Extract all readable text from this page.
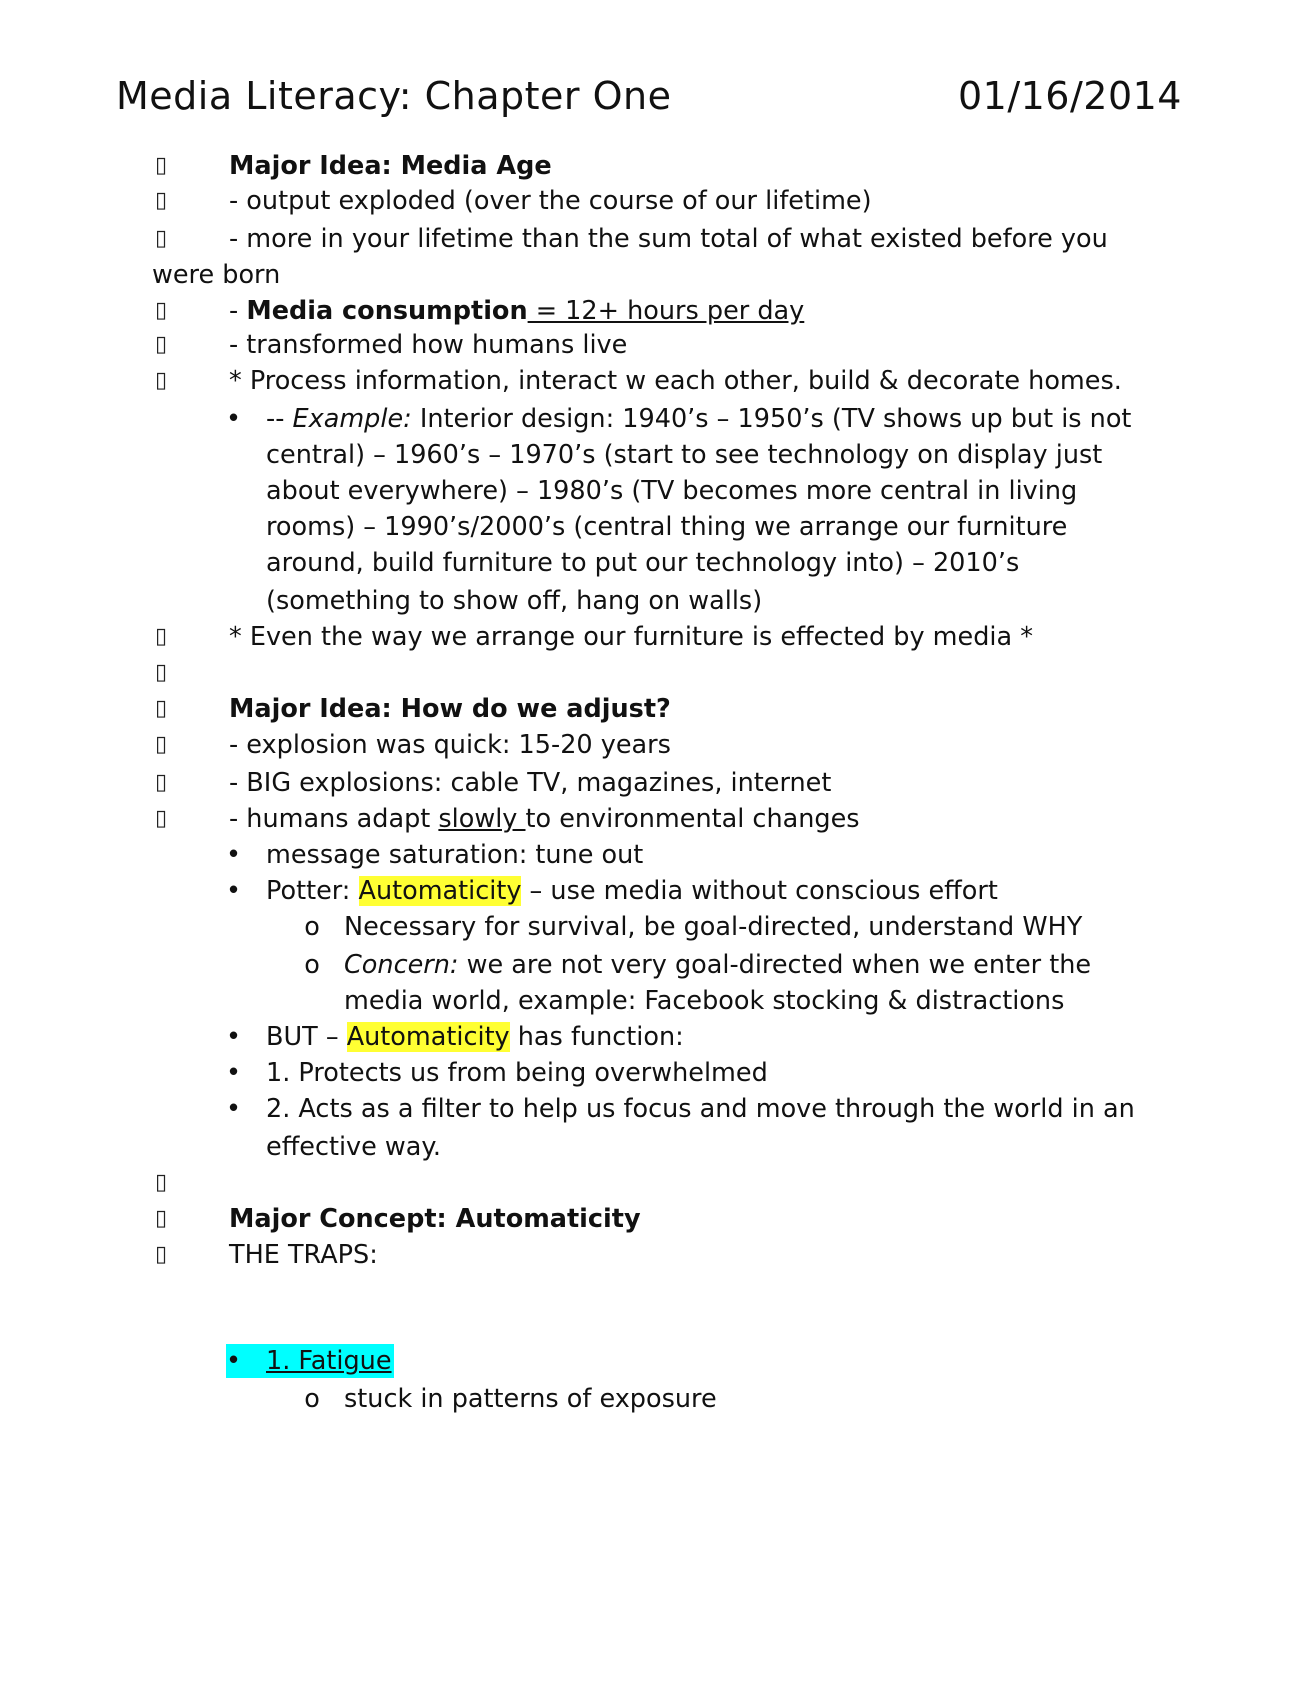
Media Literacy: Chapter One	01/16/2014
▯ Major Idea: Media Age
▯ - output exploded (over the course of our lifetime)
▯ - more in your lifetime than the sum total of what existed before you
were born
▯ - Media consumption = 12+ hours per day
▯ - transformed how humans live
▯ * Process information, interact w each other, build & decorate homes.
• -- Example: Interior design: 1940’s – 1950’s (TV shows up but is not
central) – 1960’s – 1970’s (start to see technology on display just
about everywhere) – 1980’s (TV becomes more central in living
rooms) – 1990’s/2000’s (central thing we arrange our furniture
around, build furniture to put our technology into) – 2010’s
(something to show off, hang on walls)
▯ * Even the way we arrange our furniture is effected by media *
▯
▯ Major Idea: How do we adjust?
▯ - explosion was quick: 15-20 years
▯ - BIG explosions: cable TV, magazines, internet
▯ - humans adapt slowly to environmental changes
• message saturation: tune out
• Potter: Automaticity – use media without conscious effort
o Necessary for survival, be goal-directed, understand WHY
o Concern: we are not very goal-directed when we enter the
media world, example: Facebook stocking & distractions
• BUT – Automaticity has function:
• 1. Protects us from being overwhelmed
• 2. Acts as a filter to help us focus and move through the world in an
effective way.
▯
▯ Major Concept: Automaticity
▯ THE TRAPS:
• 1. Fatigue
o stuck in patterns of exposure
